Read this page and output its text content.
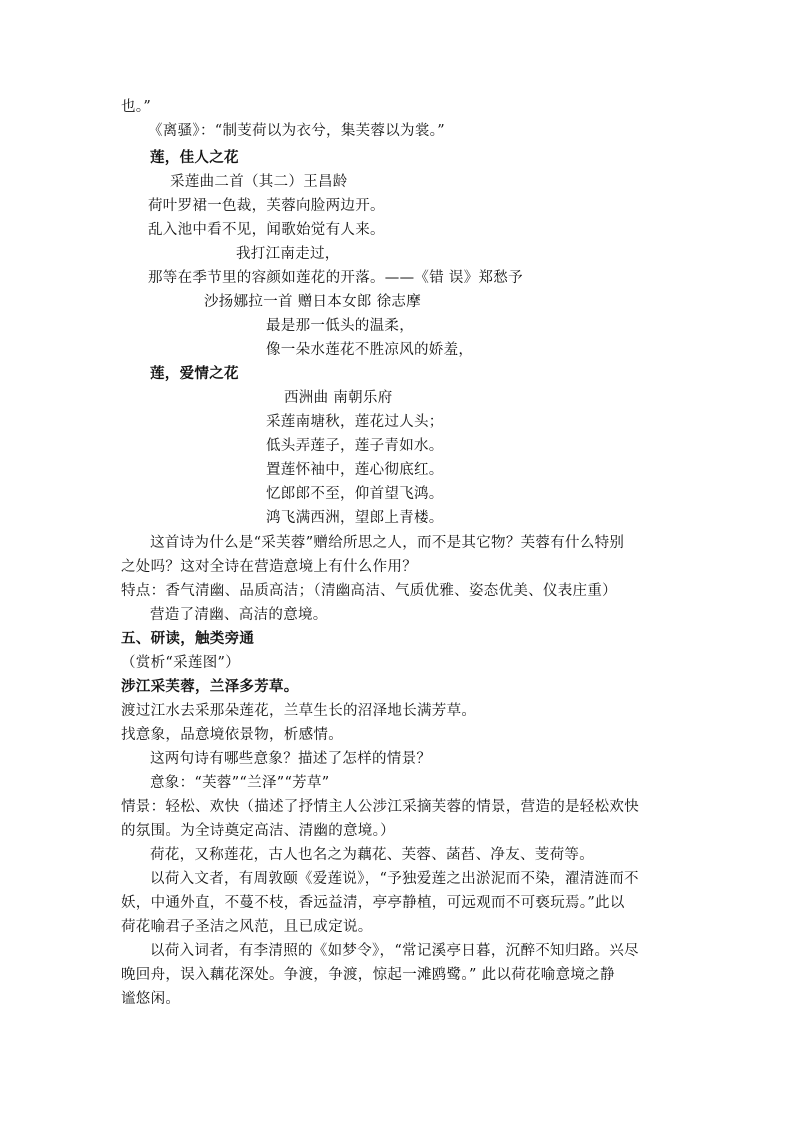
也。”
《离骚》：“制芰荷以为衣兮，集芙蓉以为裳。”
莲，佳人之花
采莲曲二首（其二）王昌龄
荷叶罗裙一色裁，芙蓉向脸两边开。
乱入池中看不见，闻歌始觉有人来。
我打江南走过，
那等在季节里的容颜如莲花的开落。——《错 误》郑愁予
沙扬娜拉一首 赠日本女郎 徐志摩
最是那一低头的温柔，
像一朵水莲花不胜凉风的娇羞，
莲，爱情之花
西洲曲 南朝乐府
采莲南塘秋，莲花过人头；
低头弄莲子，莲子青如水。
置莲怀袖中，莲心彻底红。
忆郎郎不至，仰首望飞鸿。
鸿飞满西洲，望郎上青楼。
这首诗为什么是“采芙蓉”赠给所思之人，而不是其它物？芙蓉有什么特别
之处吗？这对全诗在营造意境上有什么作用？
特点：香气清幽、品质高洁；（清幽高洁、气质优雅、姿态优美、仪表庄重）
营造了清幽、高洁的意境。
五、研读，触类旁通
（赏析“采莲图”）
涉江采芙蓉，兰泽多芳草。
渡过江水去采那朵莲花，兰草生长的沼泽地长满芳草。
找意象，品意境依景物，析感情。
这两句诗有哪些意象？描述了怎样的情景？
意象：“芙蓉”“兰泽”“芳草”
情景：轻松、欢快（描述了抒情主人公涉江采摘芙蓉的情景，营造的是轻松欢快
的氛围。为全诗奠定高洁、清幽的意境。）
荷花，又称莲花，古人也名之为藕花、芙蓉、菡萏、净友、芰荷等。
以荷入文者，有周敦颐《爱莲说》，“予独爱莲之出淤泥而不染，濯清涟而不
妖，中通外直，不蔓不枝，香远益清，亭亭静植，可远观而不可亵玩焉。”此以
荷花喻君子圣洁之风范，且已成定说。
以荷入词者，有李清照的《如梦令》，“常记溪亭日暮，沉醉不知归路。兴尽
晚回舟，误入藕花深处。争渡，争渡，惊起一滩鸥鹭。” 此以荷花喻意境之静
谧悠闲。
